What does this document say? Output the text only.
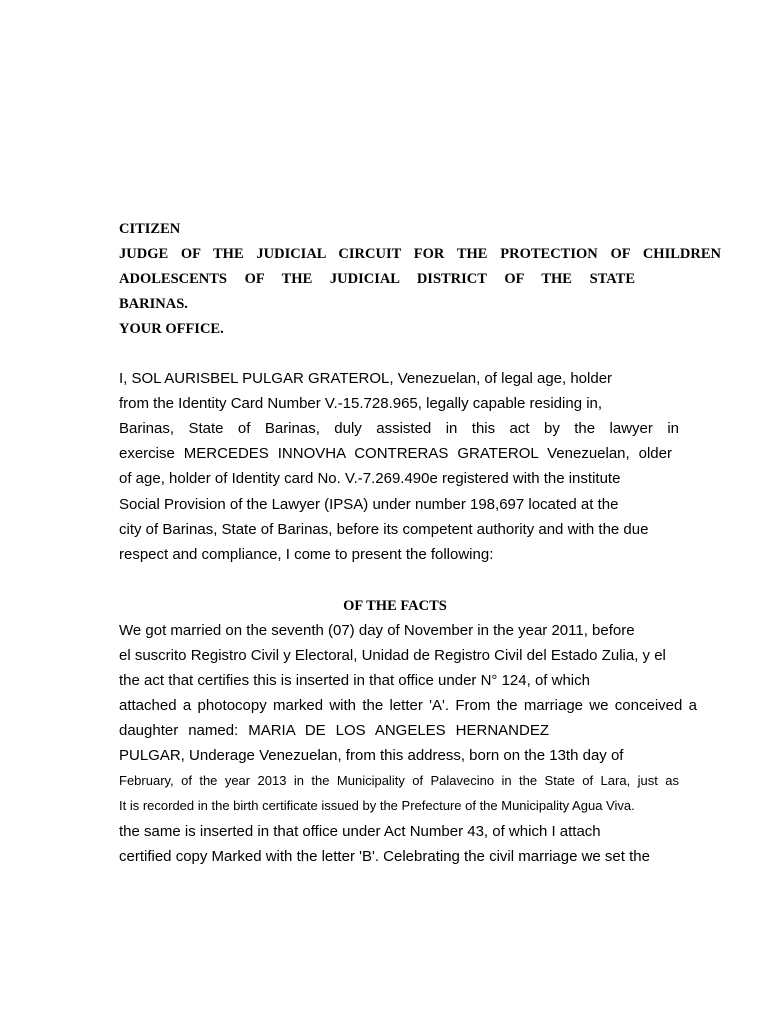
CITIZEN

JUDGE OF THE JUDICIAL CIRCUIT FOR THE PROTECTION OF CHILDREN

ADOLESCENTS OF THE JUDICIAL DISTRICT OF THE STATE

BARINAS.

YOUR OFFICE.

I, SOL AURISBEL PULGAR GRATEROL, Venezuelan, of legal age, holder

from the Identity Card Number V.-15.728.965, legally capable residing in,

Barinas, State of Barinas, duly assisted in this act by the lawyer in

exercise MERCEDES INNOVHA CONTRERAS GRATEROL Venezuelan, older

of age, holder of Identity card No. V.-7.269.490e registered with the institute

Social Provision of the Lawyer (IPSA) under number 198,697 located at the

city of Barinas, State of Barinas, before its competent authority and with the due

respect and compliance, I come to present the following:

OF THE FACTS

We got married on the seventh (07) day of November in the year 2011, before

el suscrito Registro Civil y Electoral, Unidad de Registro Civil del Estado Zulia, y el

the act that certifies this is inserted in that office under N° 124, of which

attached a photocopy marked with the letter 'A'. From the marriage we conceived a

daughter named: MARIA DE LOS ANGELES HERNANDEZ

PULGAR, Underage Venezuelan, from this address, born on the 13th day of

February, of the year 2013 in the Municipality of Palavecino in the State of Lara, just as

It is recorded in the birth certificate issued by the Prefecture of the Municipality Agua Viva.

the same is inserted in that office under Act Number 43, of which I attach

certified copy Marked with the letter 'B'. Celebrating the civil marriage we set the
